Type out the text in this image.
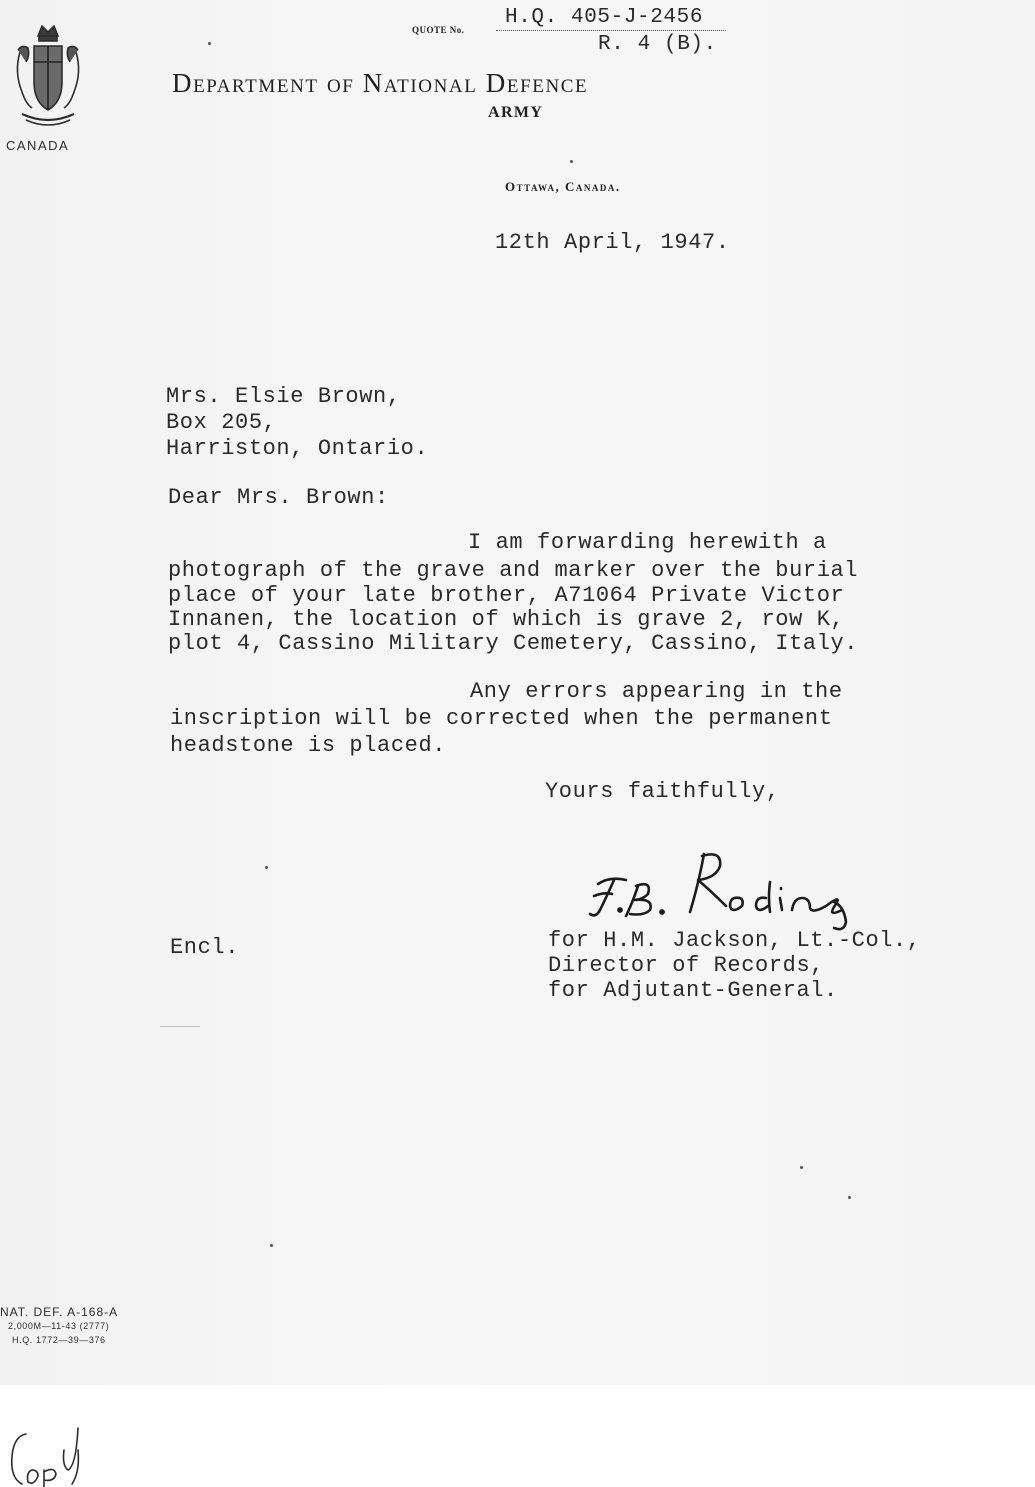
CANADA
QUOTE No.
H.Q. 405-J-2456
R. 4 (B).
Department of National Defence
ARMY
Ottawa, Canada.
12th April, 1947.
Mrs. Elsie Brown,
Box 205,
Harriston, Ontario.
Dear Mrs. Brown:
I am forwarding herewith a
photograph of the grave and marker over the burial
place of your late brother, A71064 Private Victor
Innanen, the location of which is grave 2, row K,
plot 4, Cassino Military Cemetery, Cassino, Italy.
Any errors appearing in the
inscription will be corrected when the permanent
headstone is placed.
Yours faithfully,
Encl.	for H.M. Jackson, Lt.-Col.,
Director of Records,
for Adjutant-General.
NAT. DEF. A-168-A
2,000M—11-43 (2777)
H.Q. 1772—39—376
